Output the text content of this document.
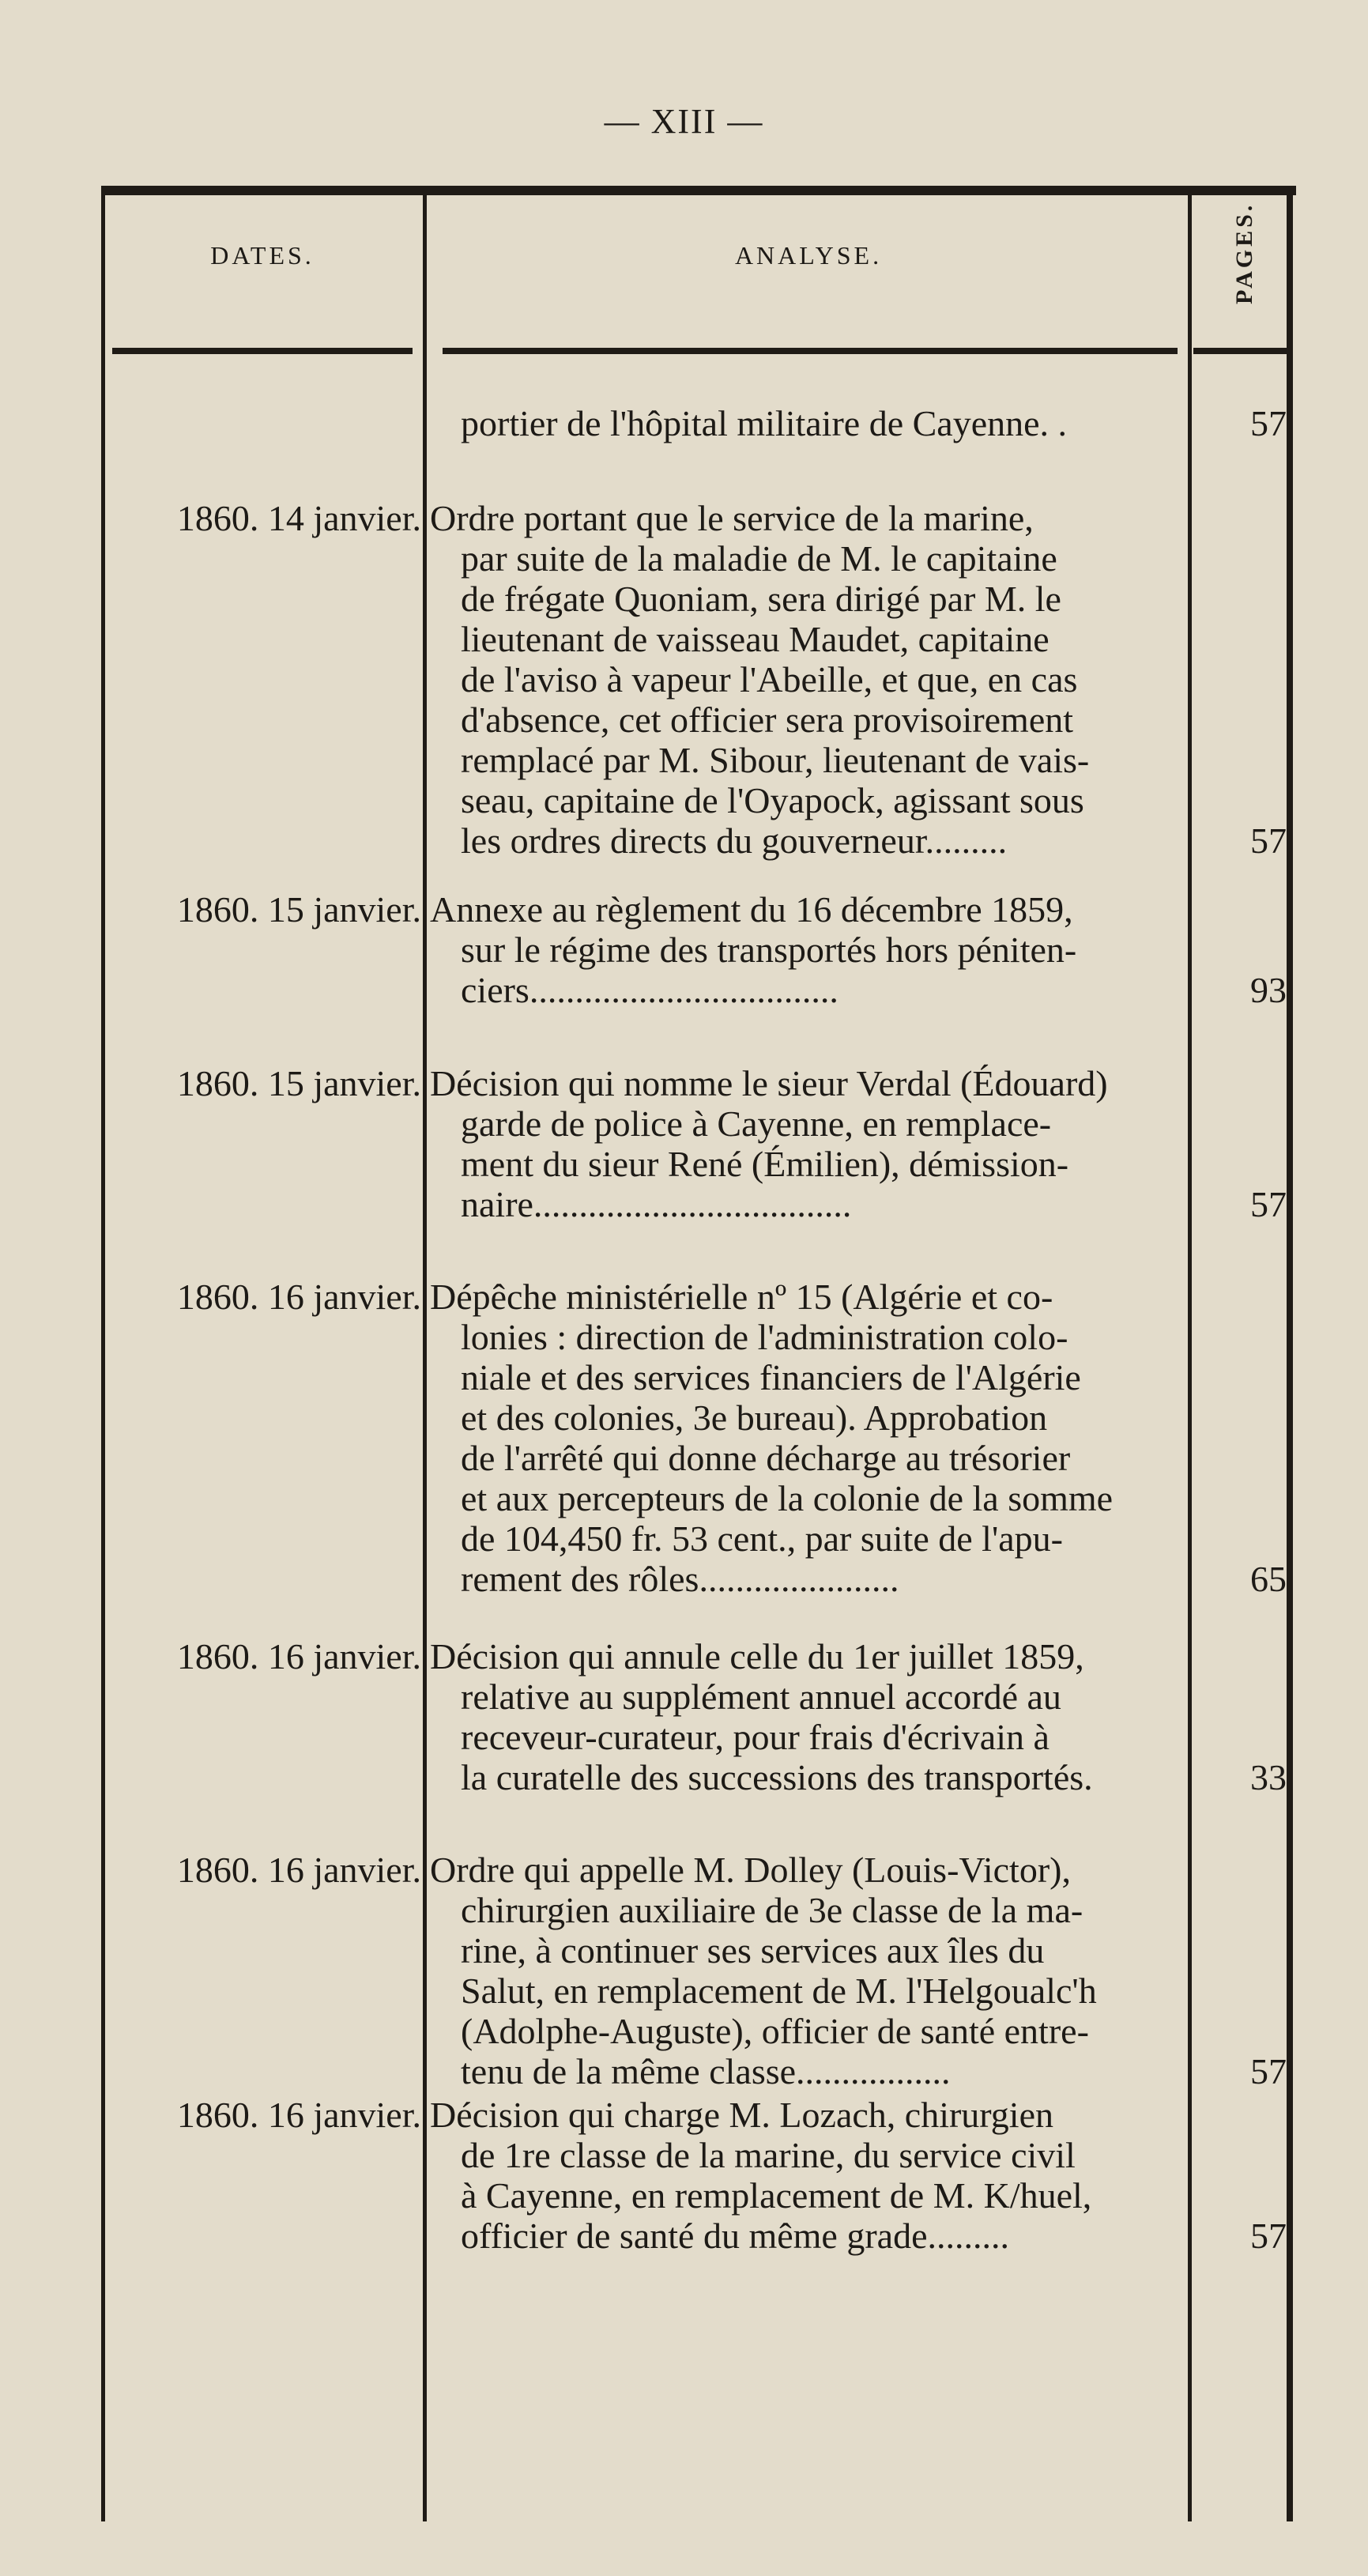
— XIII —
DATES.	ANALYSE.	PAGES.
portier de l'hôpital militaire de Cayenne. .	57
1860. 14 janvier. Ordre portant que le service de la marine,
par suite de la maladie de M. le capitaine
de frégate Quoniam, sera dirigé par M. le
lieutenant de vaisseau Maudet, capitaine
de l'aviso à vapeur l'Abeille, et que, en cas
d'absence, cet officier sera provisoirement
remplacé par M. Sibour, lieutenant de vais-
seau, capitaine de l'Oyapock, agissant sous
les ordres directs du gouverneur.........	57
1860. 15 janvier. Annexe au règlement du 16 décembre 1859,
sur le régime des transportés hors péniten-
ciers..................................	93
1860. 15 janvier. Décision qui nomme le sieur Verdal (Édouard)
garde de police à Cayenne, en remplace-
ment du sieur René (Émilien), démission-
naire...................................	57
1860. 16 janvier. Dépêche ministérielle nº 15 (Algérie et co-
lonies : direction de l'administration colo-
niale et des services financiers de l'Algérie
et des colonies, 3e bureau). Approbation
de l'arrêté qui donne décharge au trésorier
et aux percepteurs de la colonie de la somme
de 104,450 fr. 53 cent., par suite de l'apu-
rement des rôles......................	65
1860. 16 janvier. Décision qui annule celle du 1er juillet 1859,
relative au supplément annuel accordé au
receveur-curateur, pour frais d'écrivain à
la curatelle des successions des transportés.	33
1860. 16 janvier. Ordre qui appelle M. Dolley (Louis-Victor),
chirurgien auxiliaire de 3e classe de la ma-
rine, à continuer ses services aux îles du
Salut, en remplacement de M. l'Helgoualc'h
(Adolphe-Auguste), officier de santé entre-
tenu de la même classe.................	57
1860. 16 janvier. Décision qui charge M. Lozach, chirurgien
de 1re classe de la marine, du service civil
à Cayenne, en remplacement de M. K/huel,
officier de santé du même grade.........	57
